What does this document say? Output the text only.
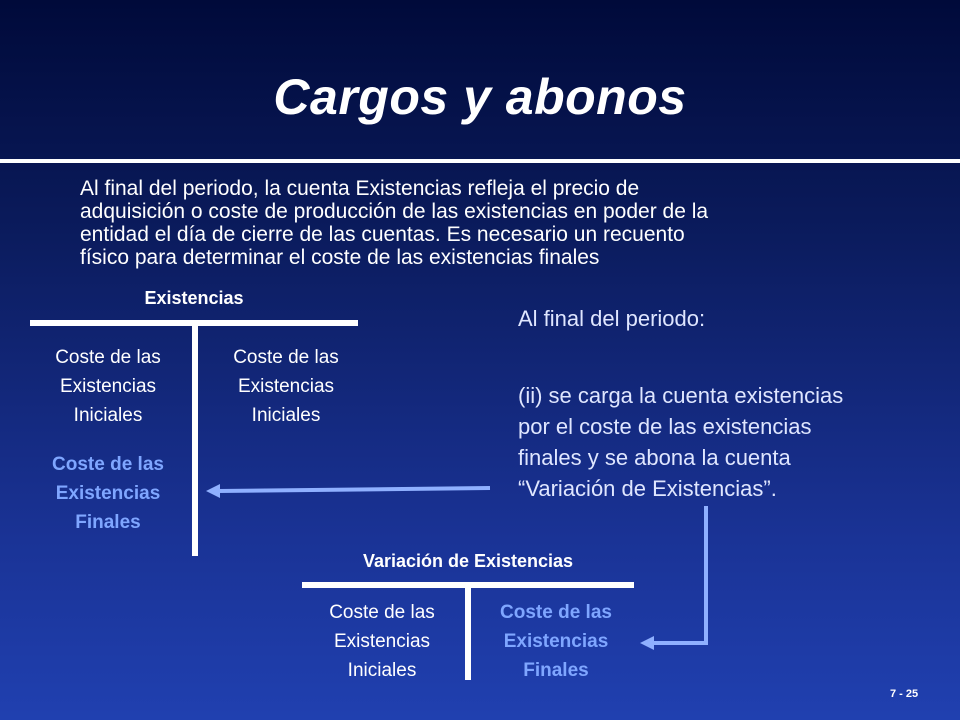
Cargos y abonos
Al final del periodo, la cuenta Existencias refleja el precio de
adquisición o coste de producción de las existencias en poder de la
entidad el día de cierre de las cuentas. Es necesario un recuento
físico para determinar el coste de las existencias finales
Existencias
Coste de las
Existencias
Iniciales
Coste de las
Existencias
Iniciales
Coste de las
Existencias
Finales
Al final del periodo:
(ii) se carga la cuenta existencias
por el coste de las existencias
finales y se abona la cuenta
“Variación de Existencias”.
Variación de Existencias
Coste de las
Existencias
Iniciales
Coste de las
Existencias
Finales
7 - 25
